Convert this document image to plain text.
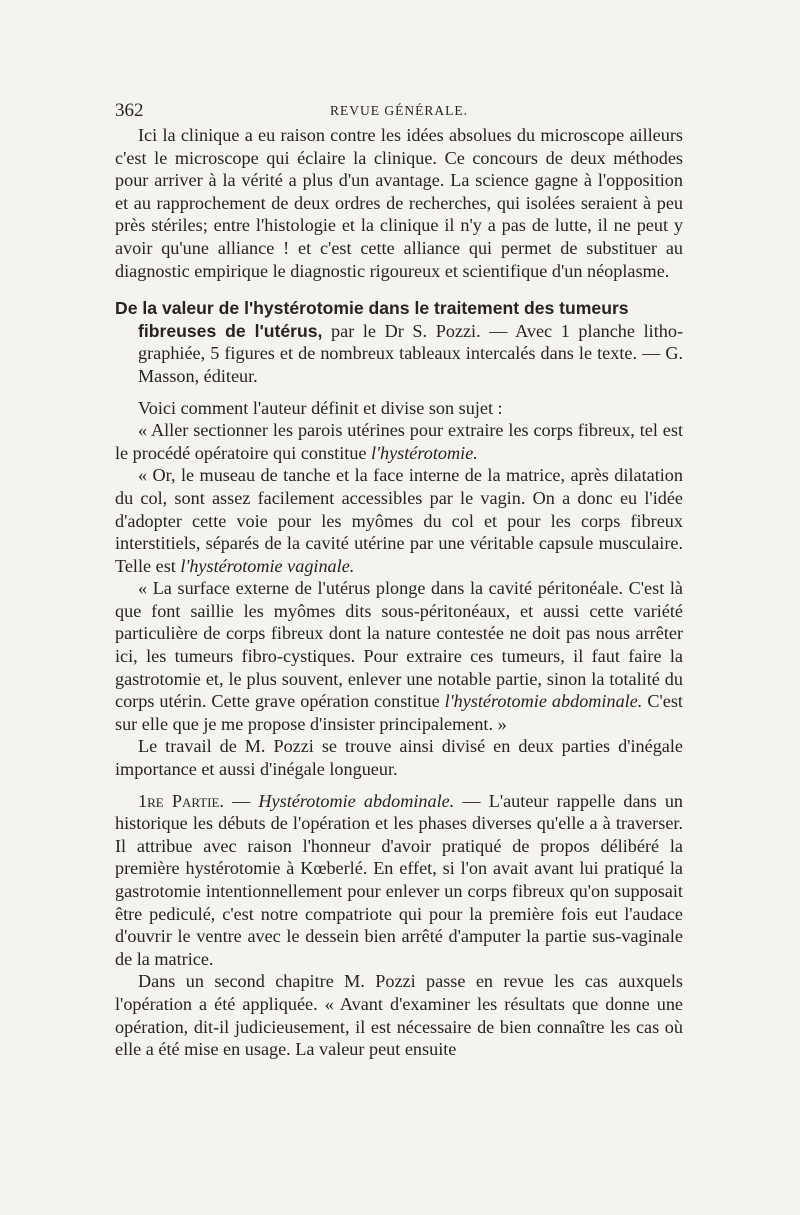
362	REVUE GÉNÉRALE.

Ici la clinique a eu raison contre les idées absolues du microscope ailleurs c'est le microscope qui éclaire la clinique. Ce concours de deux méthodes pour arriver à la vérité a plus d'un avantage. La science gagne à l'opposition et au rapprochement de deux ordres de recherches, qui isolées seraient à peu près stériles; entre l'histologie et la clinique il n'y a pas de lutte, il ne peut y avoir qu'une alliance ! et c'est cette alliance qui permet de substituer au diagnostic empirique le diagnostic rigoureux et scientifique d'un néoplasme.

De la valeur de l'hystérotomie dans le traitement des tumeurs

fibreuses de l'utérus, par le Dr S. Pozzi. — Avec 1 planche litho- graphiée, 5 figures et de nombreux tableaux intercalés dans le texte. — G. Masson, éditeur.

Voici comment l'auteur définit et divise son sujet :

« Aller sectionner les parois utérines pour extraire les corps fibreux, tel est le procédé opératoire qui constitue l'hystérotomie.

« Or, le museau de tanche et la face interne de la matrice, après dilatation du col, sont assez facilement accessibles par le vagin. On a donc eu l'idée d'adopter cette voie pour les myômes du col et pour les corps fibreux interstitiels, séparés de la cavité utérine par une véritable capsule musculaire. Telle est l'hystérotomie vaginale.

« La surface externe de l'utérus plonge dans la cavité péritonéale. C'est là que font saillie les myômes dits sous-péritonéaux, et aussi cette variété particulière de corps fibreux dont la nature contestée ne doit pas nous arrêter ici, les tumeurs fibro-cystiques. Pour extraire ces tumeurs, il faut faire la gastrotomie et, le plus souvent, enlever une notable partie, sinon la totalité du corps utérin. Cette grave opération constitue l'hystérotomie abdominale. C'est sur elle que je me propose d'insister principalement. »

Le travail de M. Pozzi se trouve ainsi divisé en deux parties d'inégale importance et aussi d'inégale longueur.

1re Partie. — Hystérotomie abdominale. — L'auteur rappelle dans un historique les débuts de l'opération et les phases diverses qu'elle a à traverser. Il attribue avec raison l'honneur d'avoir pratiqué de propos délibéré la première hystérotomie à Kœberlé. En effet, si l'on avait avant lui pratiqué la gastrotomie intentionnellement pour enlever un corps fibreux qu'on supposait être pediculé, c'est notre compatriote qui pour la première fois eut l'audace d'ouvrir le ventre avec le dessein bien arrêté d'amputer la partie sus-vaginale de la matrice.

Dans un second chapitre M. Pozzi passe en revue les cas auxquels l'opération a été appliquée. « Avant d'examiner les résultats que donne une opération, dit-il judicieusement, il est nécessaire de bien connaître les cas où elle a été mise en usage. La valeur peut ensuite
